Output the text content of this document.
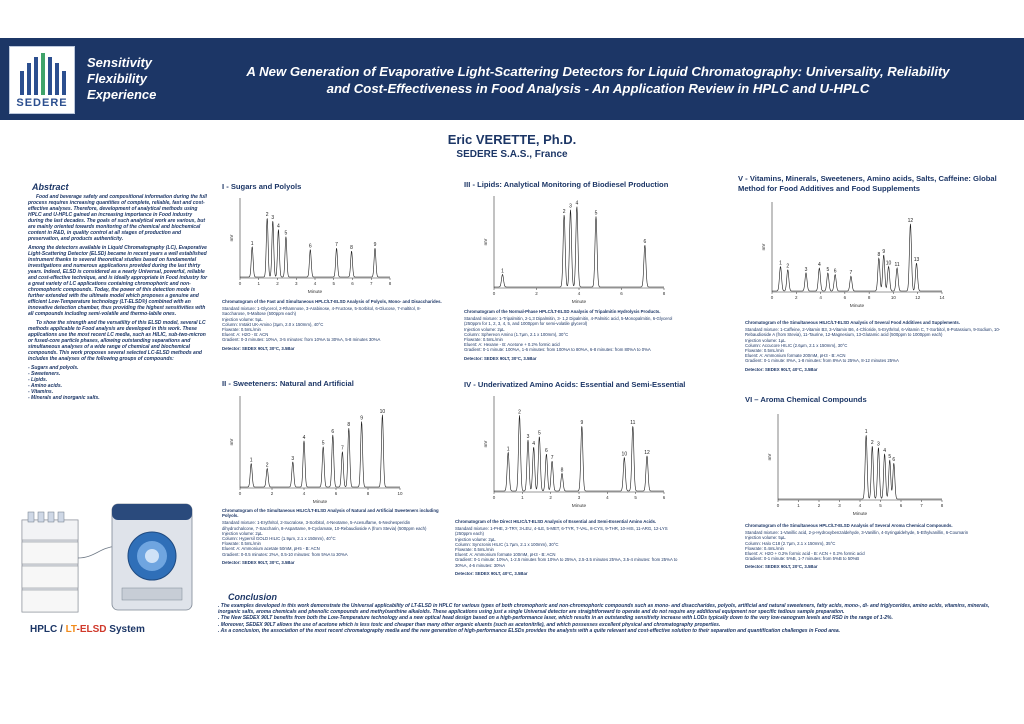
SEDERE
Sensitivity
Flexibility
Experience
A New Generation of Evaporative Light-Scattering Detectors for Liquid Chromatography: Universality, Reliability
and Cost-Effectiveness in Food Analysis - An Application Review in HPLC and U-HPLC
Eric VERETTE, Ph.D.
SEDERE S.A.S., France
Abstract

Food and beverage safety and compositional information during the full process requires increasing quantities of complete, reliable, fast and cost-effective analyses. Therefore, development of analytical methods using HPLC and U-HPLC gained an increasing importance in Food industry during the last decades. The goals of such analytical work are various, but are mainly oriented towards monitoring of the chemical and biochemical content in R&D, in quality control at all stages of production and preservation, and products authenticity.

Among the detectors available in Liquid Chromatography (LC), Evaporative Light-Scattering Detector (ELSD) became in recent years a well established instrument thanks to several theoretical studies based on fundamental investigations and numerous applications provided during the last thirty years. Indeed, ELSD is considered as a nearly Universal, powerful, reliable and cost-effective technique, and is ideally appropriate in Food industry for a great variety of LC applications containing chromophoric and non-chromophoric compounds. Today, the power of this detection mode is further extended with the ultimate model which proposes a genuine and efficient Low-Temperature technology (LT-ELSD®) combined with an innovative detection chamber, thus providing the highest sensitivities with all compounds including semi-volatile and thermo-labile ones.

To show the strength and the versatility of this ELSD model, several LC methods applicable to Food analysis are developed in this work. These applications use the most recent LC media, such as HILIC, sub-two-micron or fused-core particle phases, allowing outstanding separations and simultaneous analyses of a wide range of chemical and biochemical compounds. This work proposes several selected LC-ELSD methods and includes the analyses of the following groups of compounds:

- Sugars and polyols.
- Sweeteners.
- Lipids.
- Amino acids.
- Vitamins.
- Minerals and inorganic salts.
HPLC / LT-ELSD System
I - Sugars and Polyols
mV
0	1	2	3	4	5	6	7	8
Minute
1
2 3
4
5
6	7 8	9
Chromatogram of the Fast and Simultaneous HPLC/LT-ELSD Analysis of Polyols, Mono- and Disaccharides.
Standard mixture: 1-Glycerol, 2-Rhamnose, 3-Arabinose, 4-Fructose, 5-Sorbitol, 6-Glucose, 7-maltitol, 8-Saccharose, 9-Maltose (500ppm each)
Injection volume: 5µL
Column: Imtakt UK-Amino (3µm, 2.0 x 150mm), 40°C
Flowrate: 0.5mL/min
Eluent: A: H2O - B: ACN
Gradient: 0-3 minutes: 10%A, 3-5 minutes: from 10%A to 30%A, 5-8 minutes 30%A
Detector: SEDEX 90LT, 30°C, 3.5Bar
II - Sweeteners: Natural and Artificial
mV
0	2	4	6	8	10
Minute
1
2
3
4
5
6
7
8
9
10
Chromatogram of the Simultaneous HILIC/LT-ELSD Analysis of Natural and Artificial Sweeteners including Polyols.
Standard mixture: 1-Erythritol, 2-Sucralose, 3-Sorbitol, 4-Neotame, 5-Acesulfame, 6-Neohesperidin dihydrochalcone, 7-Saccharin, 8-Aspartame, 9-Cyclamate, 10-Rebaudioside A (from Stevia) (500ppm each)
Injection volume: 2µL
Column: Hypersil GOLD HILIC (1.9µm, 2.1 x 150mm), 40°C
Flowrate: 0.5mL/min
Eluent: A: Ammonium acetate 50mM, pH5 - B: ACN
Gradient: 0-0.5 minutes: 2%A, 0.5-10 minutes: from 5%A to 30%A
Detector: SEDEX 90LT, 30°C, 3.5Bar
III - Lipids: Analytical Monitoring of Biodiesel Production
mV
0	2	4	6	8
Minute
1
2
3
4
5
6
Chromatogram of the Normal-Phase HPLC/LT-ELSD Analysis of Tripalmitin Hydrolysis Products.
Standard mixture: 1-Tripalmitin, 2-1,3 Dipalmitin, 3- 1,2 Dipalmitin, 4-Palmitic acid, 5-Monopalmitin, 6-Glycerol (250ppm for 1, 2, 3, 4, 5, and 1000ppm for semi-volatile glycerol)
Injection volume: 2µL
Column: Sphereon Amino (1.7µm, 2.1 x 100mm), 30°C
Flowrate: 0.5mL/min
Eluent: A: Hexane - B: Acetone + 0.2% formic acid
Gradient: 0-1 minute: 100%A, 1-6 minutes: from 100%A to 80%A, 6-8 minutes: from 80%A to 0%A
Detector: SEDEX 90LT, 30°C, 3.5Bar
IV - Underivatized Amino Acids: Essential and Semi-Essential
mV
0	1	2	3	4	5	6
Minute
1
2
3
4
5
6
7
8
9
10
11
12
Chromatogram of the Direct HILIC/LT-ELSD Analysis of Essential and Semi-Essential Amino Acids.
Standard mixture: 1-PHE, 2-TRY, 3-LEU, 4-ILE, 5-MET, 6-TYR, 7-VAL, 8-CYS, 9-THR, 10-HIS, 11-ARG, 12-LYS (250ppm each)
Injection volume: 2µL
Column: Syncronis HILIC (1.7µm, 2.1 x 100mm), 30°C
Flowrate: 0.5mL/min
Eluent: A: Ammonium formate 100mM, pH3 - B: ACN
Gradient: 0-1 minute: 10%A, 1-2.5 minutes from 10%A to 25%A, 2.5-3.5 minutes 25%A, 3.5-4 minutes: from 25%A to 30%A, 4-6 minutes: 30%A
Detector: SEDEX 90LT, 40°C, 3.5Bar
V - Vitamins, Minerals, Sweeteners, Amino acids, Salts, Caffeine: Global Method for Food Additives and Food Supplements
mV
0	2	4	6	8	10	12	14
Minute
1
2
3
4
5 6	7
8
9
10 11
12
13
Chromatogram of the Simultaneous HILIC/LT-ELSD Analysis of Several Food Additives and Supplements.
Standard mixture: 1-Caffeine, 2-Vitamin B3, 3-Vitamin B6, 4-Chloride, 5-Erythritol, 6-Vitamin C, 7-Sorbitol, 8-Potassium, 9-Sodium, 10-Rebaudioside A (from Stevia), 11-Taurine, 12-Magnesium, 13-Glutamic acid (500ppm to 1000ppm each)
Injection volume: 1µL
Column: Accucore HILIC (2.6µm, 2.1 x 150mm), 30°C
Flowrate: 0.5mL/min
Eluent: A: Ammonium formate 200mM, pH3 - B: ACN
Gradient: 0-1 minute: 8%A, 1-8 minutes: from 8%A to 25%A, 8-12 minutes 25%A
Detector: SEDEX 90LT, 40°C, 3.5Bar
VI – Aroma Chemical Compounds
mV
0	1	2	3	4	5	6	7	8
Minute
1
2 3
4
5
6
Chromatogram of the Simultaneous HPLC/LT-ELSD Analysis of Several Aroma Chemical Compounds.
Standard mixture: 1-Vanillic acid, 2-p-Hydroxybenzaldehyde, 3-Vanillin, 4-Syringaldehyde, 5-Ethylvanillin, 6-Coumarin
Injection volume: 5µL
Column: Halo C18 (2.7µm, 2.1 x 150mm), 35°C
Flowrate: 0.4mL/min
Eluent: A: H2O + 0.2% formic acid - B: ACN + 0.2% formic acid
Gradient: 0-1 minute: 5%B, 1-7 minutes: from 5%B to 50%B
Detector: SEDEX 90LT, 20°C, 3.5Bar
Conclusion
. The examples developed in this work demonstrate the Universal applicability of LT-ELSD in HPLC for various types of both chromophoric and non-chromophoric compounds such as mono- and disaccharides, polyols, artificial and natural sweeteners, fatty acids, mono-, di- and triglycerides, amino acids, vitamins, minerals, inorganic salts, aroma chemicals and phenolic compounds and methylxanthine alkaloids. These applications using just a single Universal detector are straightforward to operate and do not require any additional equipment nor specific tedious sample preparation.
. The New SEDEX 90LT benefits from both the Low-Temperature technology and a new optical head design based on a high-performance laser, which results in an outstanding sensitivity increase with LODs typically down to the very low-nanogram levels and RSD in the range of 1-2%.
. Moreover, SEDEX 90LT allows the use of acetone which is less toxic and cheaper than many other organic eluents (such as acetonitrile), and which possesses excellent physical and chromatography properties.
. As a conclusion, the association of the most recent chromatography media and the new generation of high-performance ELSDs provides the analysts with a quite relevant and cost-effective solution to their separation and quantification challenges in Food area.
